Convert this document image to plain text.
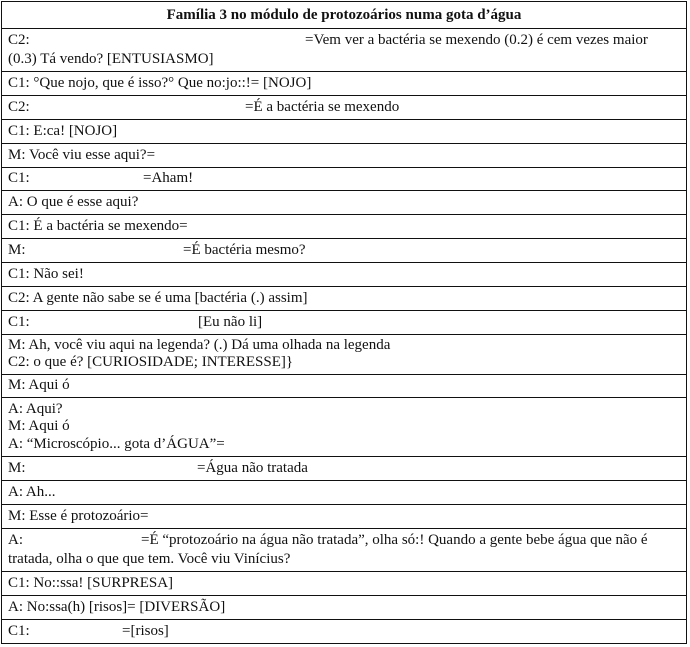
Família 3 no módulo de protozoários numa gota d’água
C2:	=Vem ver a bactéria se mexendo (0.2) é cem vezes maior
(0.3) Tá vendo? [ENTUSIASMO]
C1: °Que nojo, que é isso?° Que no:jo::!= [NOJO]
C2:	=É a bactéria se mexendo
C1: E:ca! [NOJO]
M: Você viu esse aqui?=
C1:	=Aham!
A: O que é esse aqui?
C1: É a bactéria se mexendo=
M:	=É bactéria mesmo?
C1: Não sei!
C2: A gente não sabe se é uma [bactéria (.) assim]
C1:	[Eu não li]
M: Ah, você viu aqui na legenda? (.) Dá uma olhada na legenda
C2: o que é? [CURIOSIDADE; INTERESSE]}
M: Aqui ó
A: Aqui?
M: Aqui ó
A: “Microscópio... gota d’ÁGUA”=
M:	=Água não tratada
A: Ah...
M: Esse é protozoário=
A:	=É “protozoário na água não tratada”, olha só:! Quando a gente bebe água que não é
tratada, olha o que que tem. Você viu Vinícius?
C1: No::ssa! [SURPRESA]
A: No:ssa(h) [risos]= [DIVERSÃO]
C1:	=[risos]
